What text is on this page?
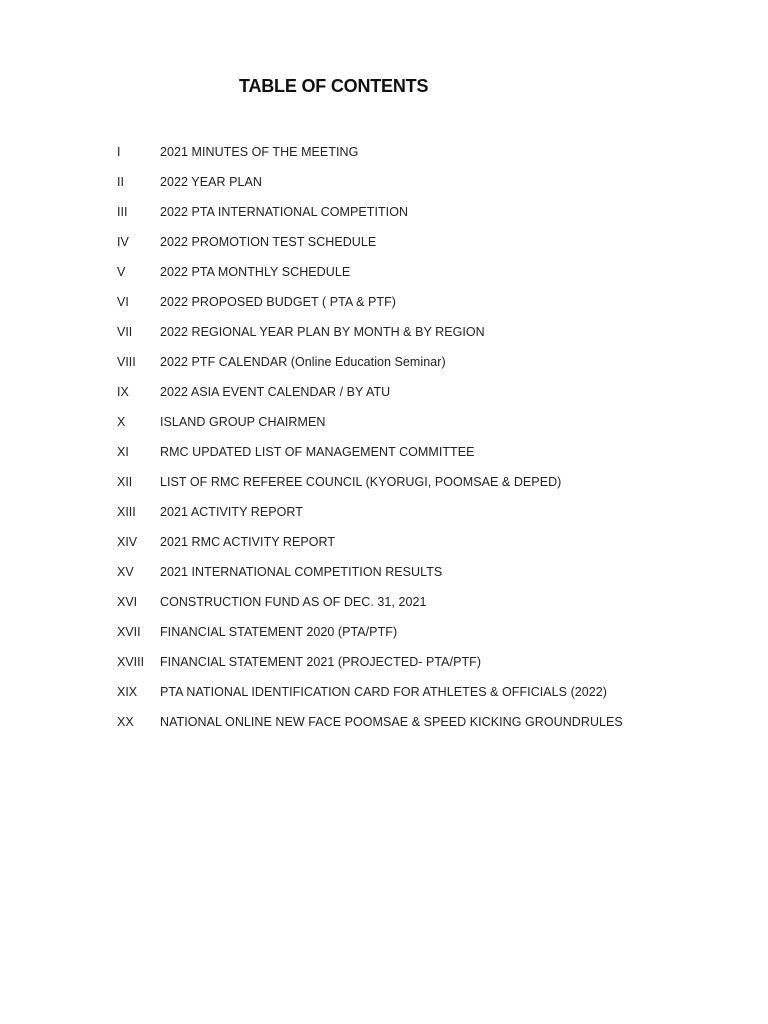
TABLE OF CONTENTS
I	2021 MINUTES OF THE MEETING
II	2022 YEAR PLAN
III	2022 PTA INTERNATIONAL COMPETITION
IV	2022 PROMOTION TEST SCHEDULE
V	2022 PTA MONTHLY SCHEDULE
VI	2022 PROPOSED BUDGET ( PTA & PTF)
VII	2022 REGIONAL YEAR PLAN BY MONTH & BY REGION
VIII	2022 PTF CALENDAR (Online Education Seminar)
IX	2022 ASIA EVENT CALENDAR / BY ATU
X	ISLAND GROUP CHAIRMEN
XI	RMC UPDATED LIST OF MANAGEMENT COMMITTEE
XII	LIST OF RMC REFEREE COUNCIL (KYORUGI, POOMSAE & DEPED)
XIII	2021 ACTIVITY REPORT
XIV	2021 RMC ACTIVITY REPORT
XV	2021 INTERNATIONAL COMPETITION RESULTS
XVI	CONSTRUCTION FUND AS OF DEC. 31, 2021
XVII	FINANCIAL STATEMENT 2020 (PTA/PTF)
XVIII	FINANCIAL STATEMENT 2021 (PROJECTED- PTA/PTF)
XIX	PTA NATIONAL IDENTIFICATION CARD FOR ATHLETES & OFFICIALS (2022)
XX	NATIONAL ONLINE NEW FACE POOMSAE & SPEED KICKING GROUNDRULES
